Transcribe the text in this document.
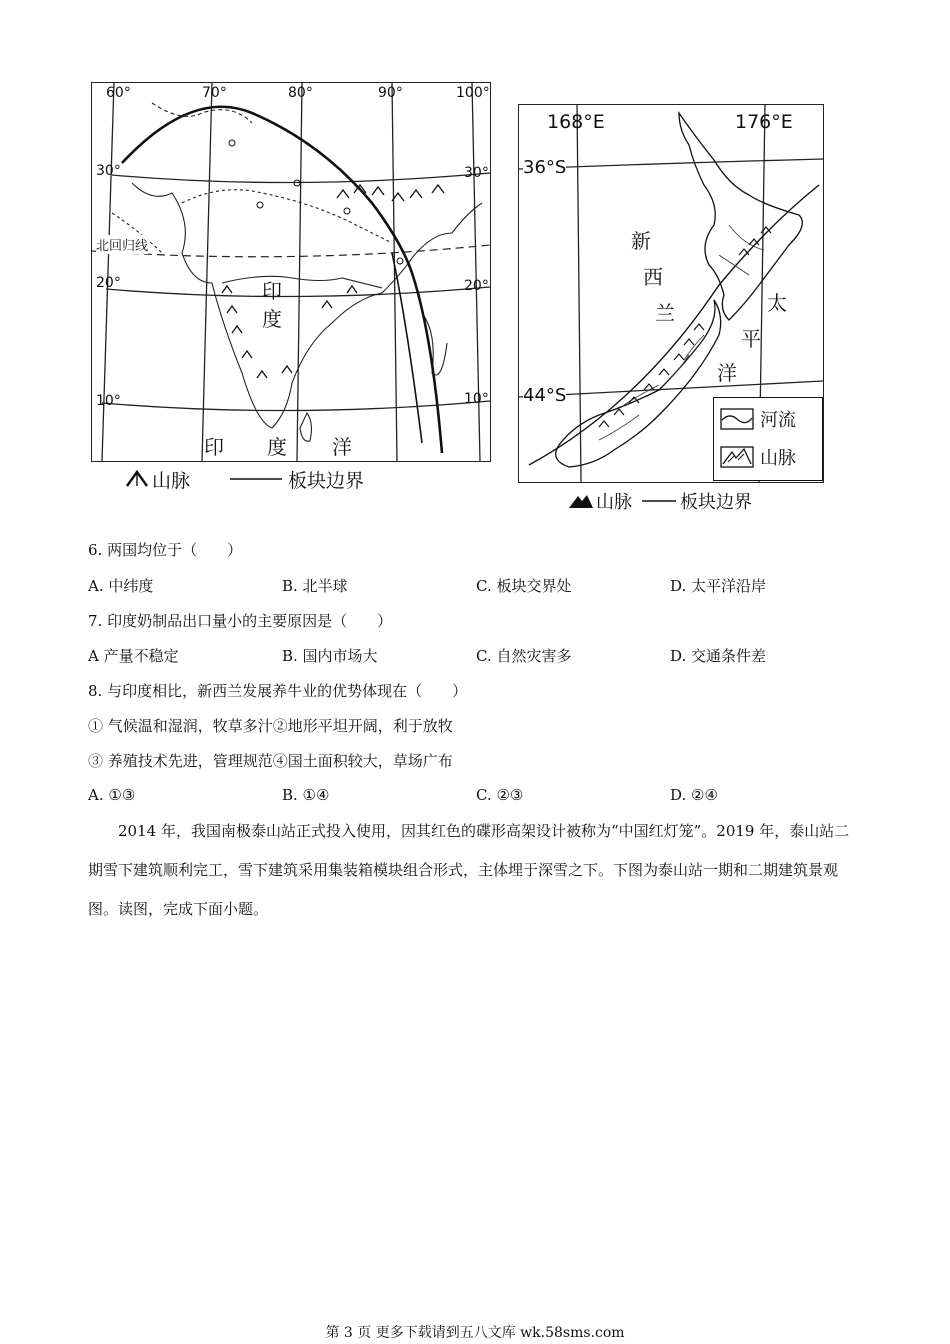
60°	70°	80°	90°	100°
30°
20°
10°
30°
20°
10°
北回归线
印
度
印 度 洋
山脉	板块边界
168°E	176°E
36°S
44°S
新
西
兰	太
平
洋
河流
山脉
山脉	板块边界
6. 两国均位于（　　）
A. 中纬度	B. 北半球	C. 板块交界处	D. 太平洋沿岸
7. 印度奶制品出口量小的主要原因是（　　）
A 产量不稳定	B. 国内市场大	C. 自然灾害多	D. 交通条件差
8. 与印度相比，新西兰发展养牛业的优势体现在（　　）
① 气候温和湿润，牧草多汁②地形平坦开阔，利于放牧
③ 养殖技术先进，管理规范④国土面积较大，草场广布
A. ①③	B. ①④	C. ②③	D. ②④

2014 年，我国南极泰山站正式投入使用，因其红色的碟形高架设计被称为“中国红灯笼”。2019 年，泰山站二期雪下建筑顺利完工，雪下建筑采用集装箱模块组合形式，主体埋于深雪之下。下图为泰山站一期和二期建筑景观图。读图，完成下面小题。

第 3 页 更多下载请到五八文库 wk.58sms.com
